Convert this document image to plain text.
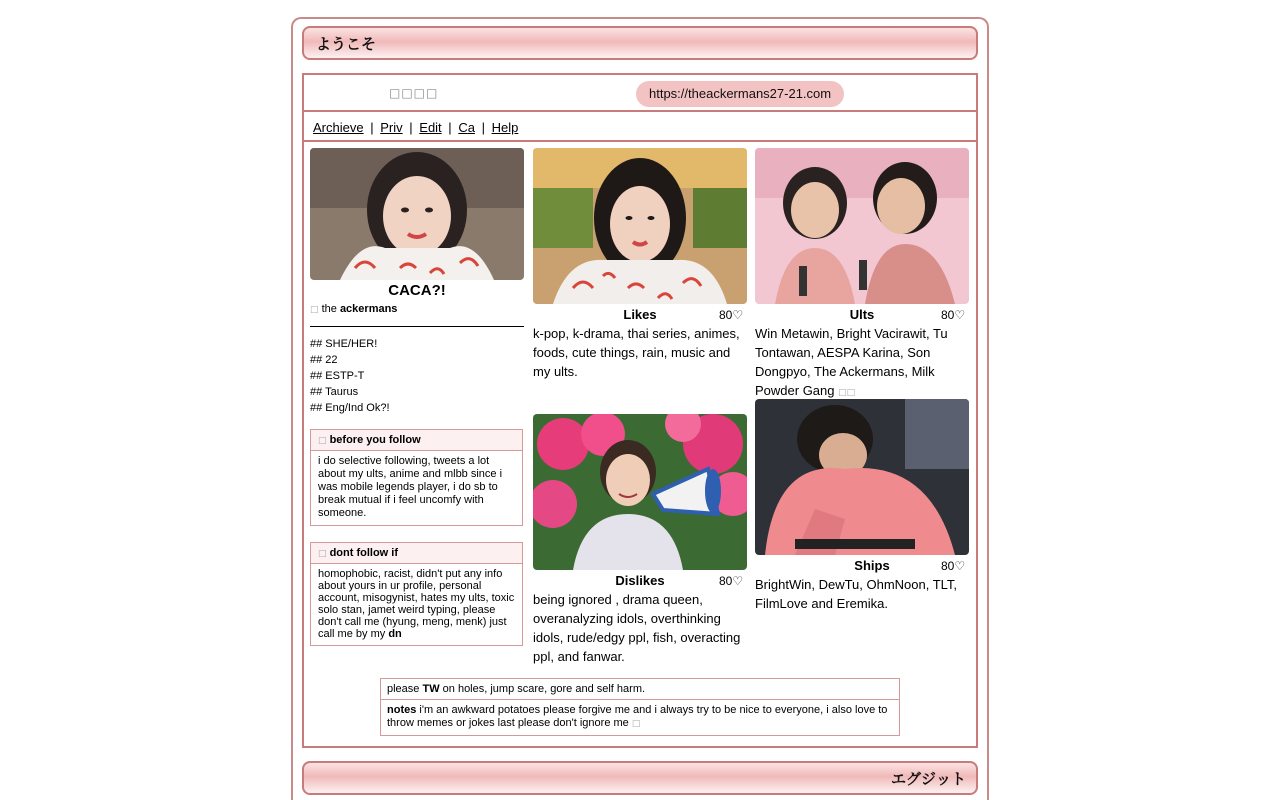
ようこそ
□□□□	https://theackermans27-21.com
Archieve | Priv | Edit | Ca | Help
CACA?!
□ the ackermans
## SHE/HER!
## 22
## ESTP-T
## Taurus
## Eng/Ind Ok?!
□ before you follow
i do selective following, tweets a lot about my ults, anime and mlbb since i was mobile legends player, i do sb to break mutual if i feel uncomfy with someone.
□ dont follow if
homophobic, racist, didn't put any info about yours in ur profile, personal account, misogynist, hates my ults, toxic solo stan, jamet weird typing, please don't call me (hyung, meng, menk) just call me by my dn
Likes	80♡
k-pop, k-drama, thai series, animes, foods, cute things, rain, music and my ults.
Ults	80♡
Win Metawin, Bright Vacirawit, Tu Tontawan, AESPA Karina, Son Dongpyo, The Ackermans, Milk Powder Gang □□
Dislikes	80♡
being ignored , drama queen, overanalyzing idols, overthinking idols, rude/edgy ppl, fish, overacting ppl, and fanwar.
Ships	80♡
BrightWin, DewTu, OhmNoon, TLT, FilmLove and Eremika.
please TW on holes, jump scare, gore and self harm.
notes i'm an awkward potatoes please forgive me and i always try to be nice to everyone, i also love to throw memes or jokes last please don't ignore me □
エグジット
